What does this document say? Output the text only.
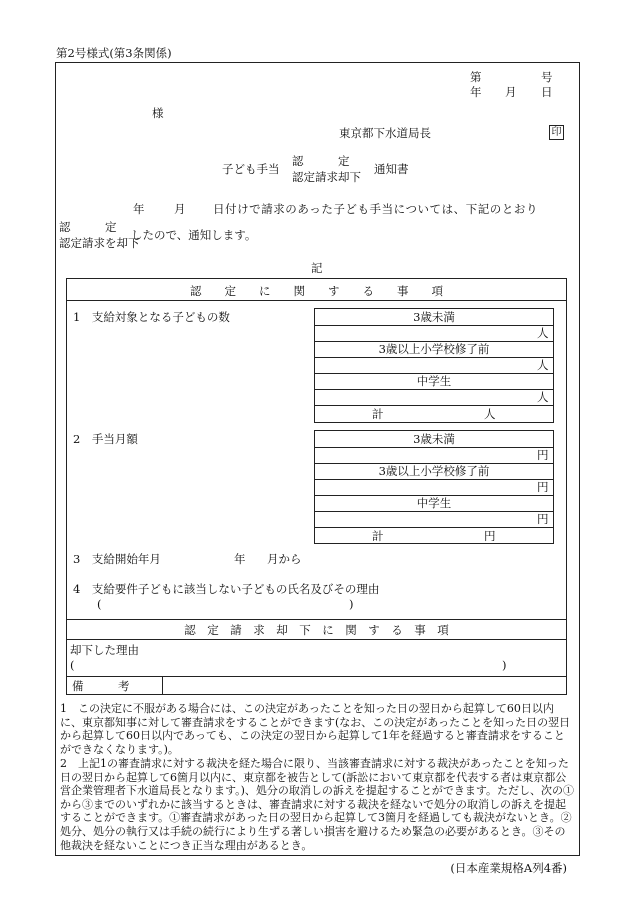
第2号様式(第3条関係)
第	号
年 月 日
様
東京都下水道局長	印
子ども手当
認　　　定
認定請求却下
通知書
年	月 日付けで請求のあった子ども手当については、下記のとおり
認　　　定
認定請求を却下
したので、通知します。
記
認　　定　　に　　関　　す　　る　　事　　項
1　支給対象となる子どもの数	3歳未満
人
3歳以上小学校修了前
人
中学生
人
計	人
2　手当月額	3歳未満
円
3歳以上小学校修了前
円
中学生
円
計	円
3　支給開始年月	年 月から
4　支給要件子どもに該当しない子どもの氏名及びその理由
(	)
認　定　請　求　却　下　に　関　す　る　事　項
却下した理由
(	)
備　　　考
1　この決定に不服がある場合には、この決定があったことを知った日の翌日から起算して60日以内に、東京都知事に対して審査請求をすることができます(なお、この決定があったことを知った日の翌日から起算して60日以内であっても、この決定の翌日から起算して1年を経過すると審査請求をすることができなくなります。)。
2　上記1の審査請求に対する裁決を経た場合に限り、当該審査請求に対する裁決があったことを知った日の翌日から起算して6箇月以内に、東京都を被告として(訴訟において東京都を代表する者は東京都公営企業管理者下水道局長となります。)、処分の取消しの訴えを提起することができます。ただし、次の①から③までのいずれかに該当するときは、審査請求に対する裁決を経ないで処分の取消しの訴えを提起することができます。①審査請求があった日の翌日から起算して3箇月を経過しても裁決がないとき。②処分、処分の執行又は手続の続行により生ずる著しい損害を避けるため緊急の必要があるとき。③その他裁決を経ないことにつき正当な理由があるとき。
(日本産業規格A列4番)
